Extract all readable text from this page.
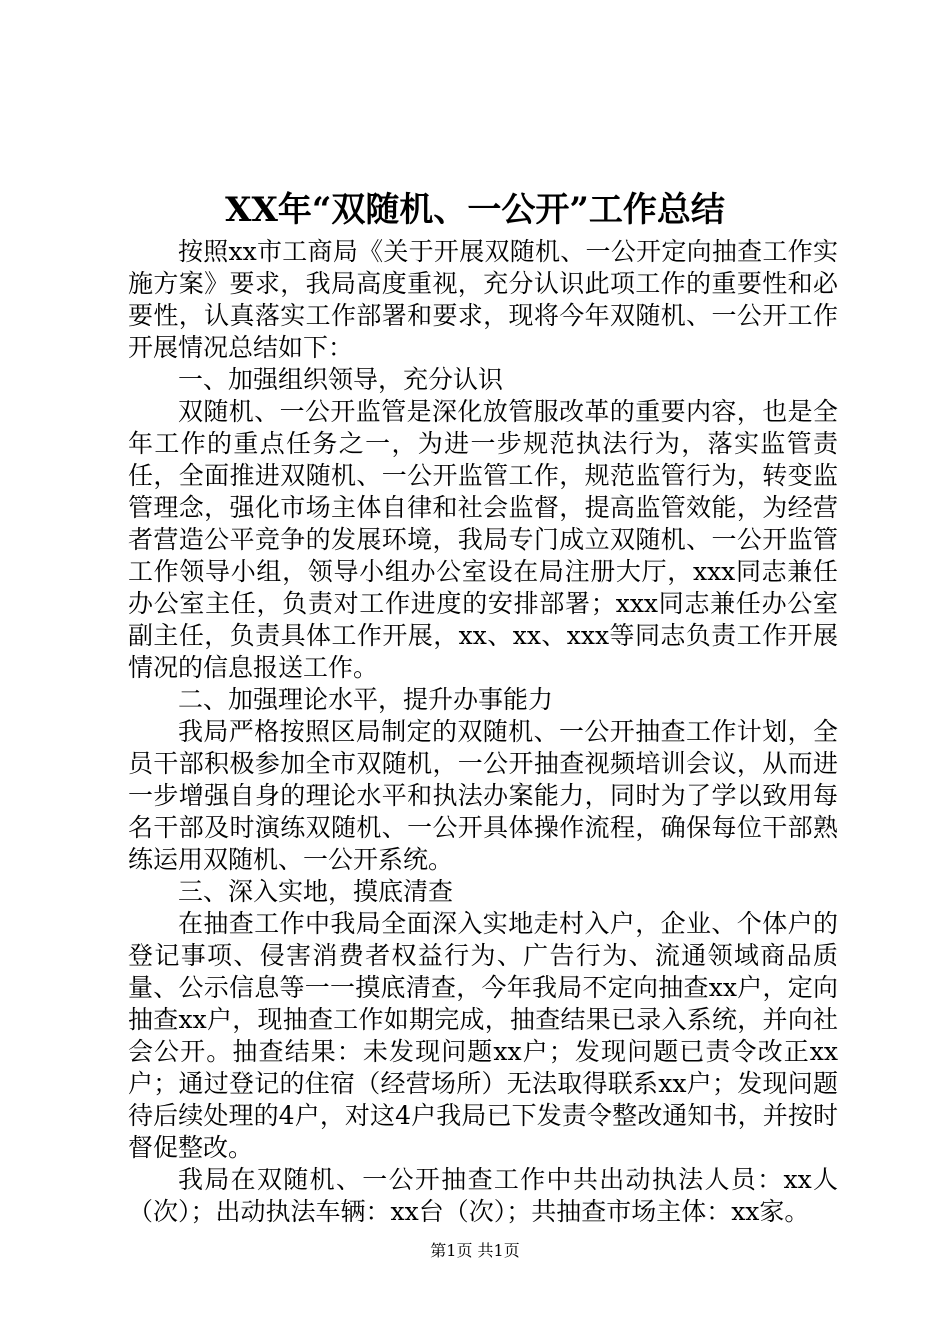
XX年“双随机、一公开”工作总结

按照xx市工商局《关于开展双随机、一公开定向抽查工作实施方案》要求，我局高度重视，充分认识此项工作的重要性和必要性，认真落实工作部署和要求，现将今年双随机、一公开工作开展情况总结如下：

一、加强组织领导，充分认识

双随机、一公开监管是深化放管服改革的重要内容，也是全年工作的重点任务之一，为进一步规范执法行为，落实监管责任，全面推进双随机、一公开监管工作，规范监管行为，转变监管理念，强化市场主体自律和社会监督，提高监管效能，为经营者营造公平竞争的发展环境，我局专门成立双随机、一公开监管工作领导小组，领导小组办公室设在局注册大厅，xxx同志兼任办公室主任，负责对工作进度的安排部署；xxx同志兼任办公室副主任，负责具体工作开展，xx、xx、xxx等同志负责工作开展情况的信息报送工作。

二、加强理论水平，提升办事能力

我局严格按照区局制定的双随机、一公开抽查工作计划，全员干部积极参加全市双随机，一公开抽查视频培训会议，从而进一步增强自身的理论水平和执法办案能力，同时为了学以致用每名干部及时演练双随机、一公开具体操作流程，确保每位干部熟练运用双随机、一公开系统。

三、深入实地，摸底清查

在抽查工作中我局全面深入实地走村入户，企业、个体户的登记事项、侵害消费者权益行为、广告行为、流通领域商品质量、公示信息等一一摸底清查，今年我局不定向抽查xx户，定向抽查xx户，现抽查工作如期完成，抽查结果已录入系统，并向社会公开。抽查结果：未发现问题xx户；发现问题已责令改正xx户；通过登记的住宿（经营场所）无法取得联系xx户；发现问题待后续处理的4户，对这4户我局已下发责令整改通知书，并按时督促整改。

我局在双随机、一公开抽查工作中共出动执法人员：xx人（次）；出动执法车辆：xx台（次）；共抽查市场主体：xx家。

第1页 共1页
